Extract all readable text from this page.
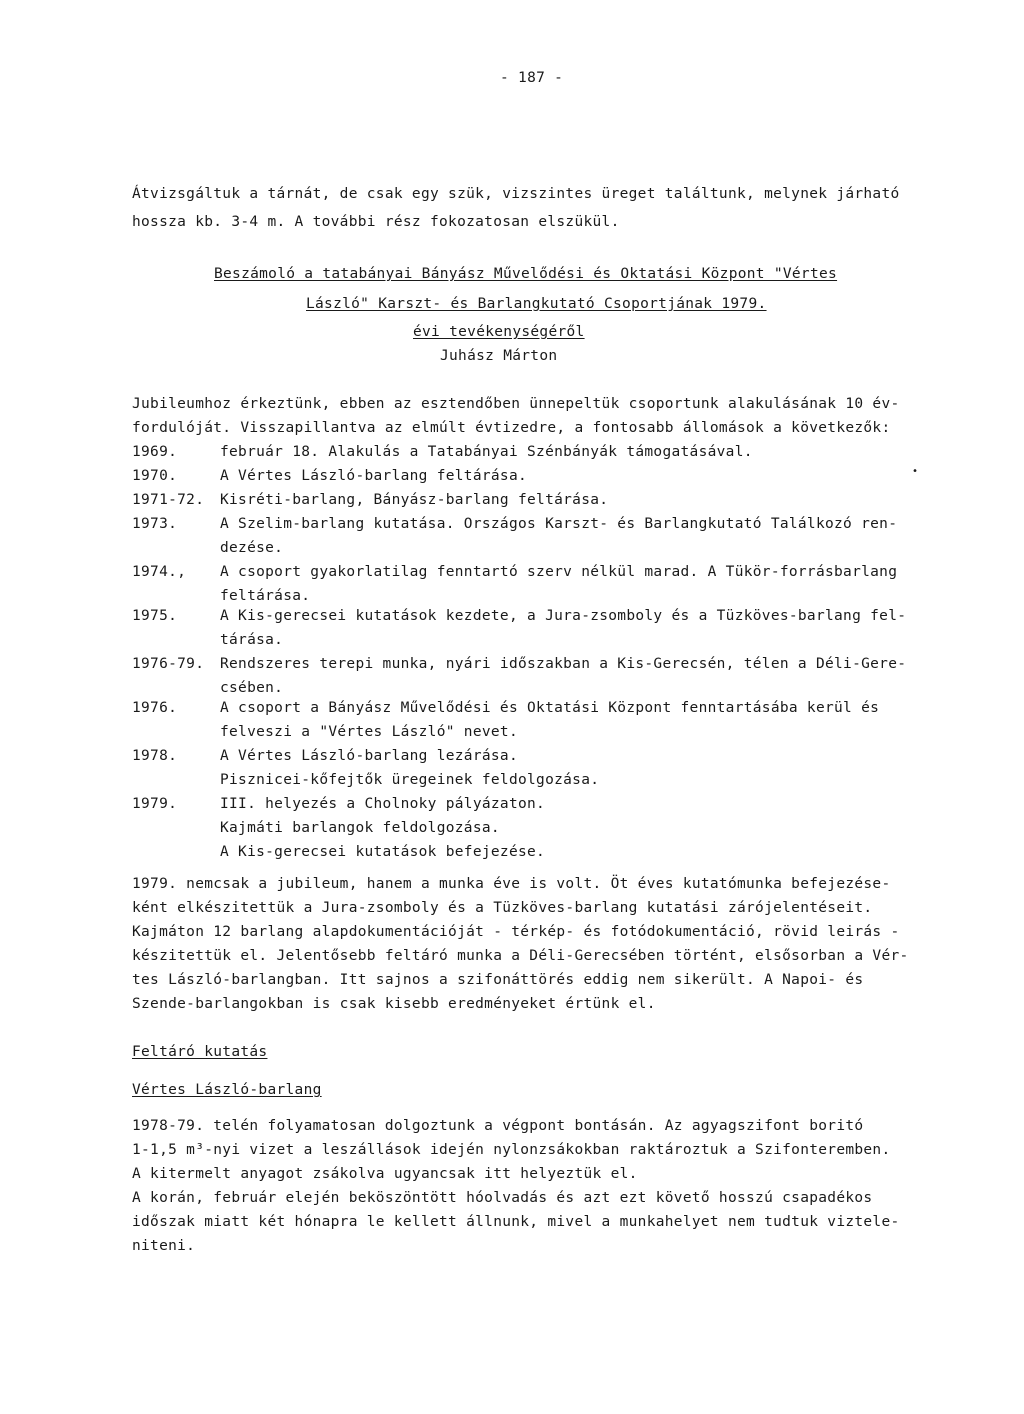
- 187 -
Átvizsgáltuk a tárnát, de csak egy szük, vizszintes üreget találtunk, melynek járható
hossza kb. 3-4 m. A további rész fokozatosan elszükül.
Beszámoló a tatabányai Bányász Művelődési és Oktatási Központ "Vértes
László" Karszt- és Barlangkutató Csoportjának 1979.
évi tevékenységéről
Juhász Márton
Jubileumhoz érkeztünk, ebben az esztendőben ünnepeltük csoportunk alakulásának 10 év-
fordulóját. Visszapillantva az elmúlt évtizedre, a fontosabb állomások a következők:
1969.	február 18. Alakulás a Tatabányai Szénbányák támogatásával.
1970.	A Vértes László-barlang feltárása.	•
1971-72. Kisréti-barlang, Bányász-barlang feltárása.
1973.	A Szelim-barlang kutatása. Országos Karszt- és Barlangkutató Találkozó ren-
dezése.
1974., A csoport gyakorlatilag fenntartó szerv nélkül marad. A Tükör-forrásbarlang
feltárása.
1975.	A Kis-gerecsei kutatások kezdete, a Jura-zsomboly és a Tüzköves-barlang fel-
tárása.
1976-79. Rendszeres terepi munka, nyári időszakban a Kis-Gerecsén, télen a Déli-Gere-
csében.
1976.	A csoport a Bányász Művelődési és Oktatási Központ fenntartásába kerül és
felveszi a "Vértes László" nevet.
1978.	A Vértes László-barlang lezárása.
Pisznicei-kőfejtők üregeinek feldolgozása.
1979.	III. helyezés a Cholnoky pályázaton.
Kajmáti barlangok feldolgozása.
A Kis-gerecsei kutatások befejezése.
1979. nemcsak a jubileum, hanem a munka éve is volt. Öt éves kutatómunka befejezése-
ként elkészitettük a Jura-zsomboly és a Tüzköves-barlang kutatási zárójelentéseit.
Kajmáton 12 barlang alapdokumentációját - térkép- és fotódokumentáció, rövid leirás -
készitettük el. Jelentősebb feltáró munka a Déli-Gerecsében történt, elsősorban a Vér-
tes László-barlangban. Itt sajnos a szifonáttörés eddig nem sikerült. A Napoi- és
Szende-barlangokban is csak kisebb eredményeket értünk el.
Feltáró kutatás
Vértes László-barlang
1978-79. telén folyamatosan dolgoztunk a végpont bontásán. Az agyagszifont boritó
1-1,5 m³-nyi vizet a leszállások idején nylonzsákokban raktároztuk a Szifonteremben.
A kitermelt anyagot zsákolva ugyancsak itt helyeztük el.
A korán, február elején beköszöntött hóolvadás és azt ezt követő hosszú csapadékos
időszak miatt két hónapra le kellett állnunk, mivel a munkahelyet nem tudtuk viztele-
niteni.
